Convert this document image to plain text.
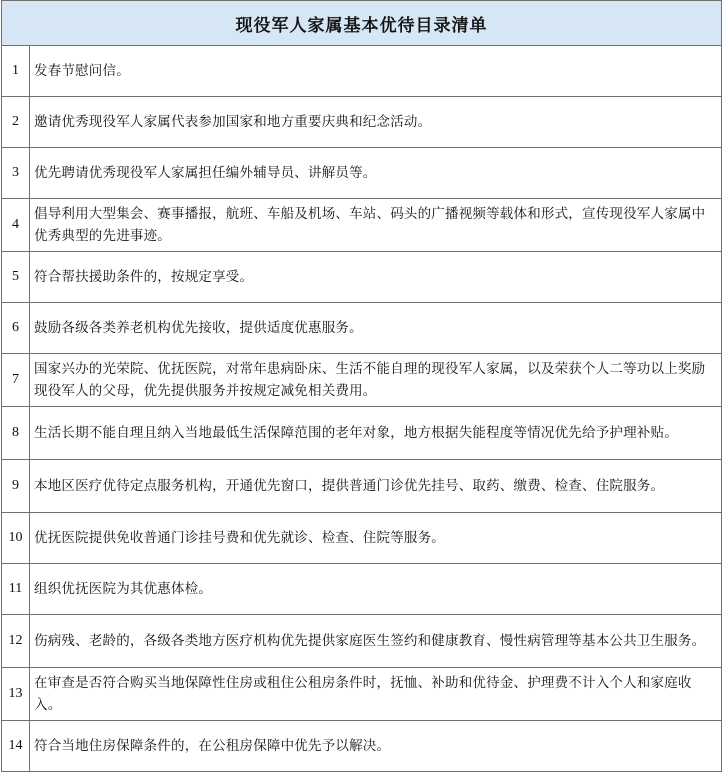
现役军人家属基本优待目录清单	
1	发春节慰问信。
2	邀请优秀现役军人家属代表参加国家和地方重要庆典和纪念活动。
3	优先聘请优秀现役军人家属担任编外辅导员、讲解员等。
4	倡导利用大型集会、赛事播报，航班、车船及机场、车站、码头的广播视频等载体和形式，宣传现役军人家属中优秀典型的先进事迹。
5	符合帮扶援助条件的，按规定享受。
6	鼓励各级各类养老机构优先接收，提供适度优惠服务。
7	国家兴办的光荣院、优抚医院，对常年患病卧床、生活不能自理的现役军人家属，以及荣获个人二等功以上奖励现役军人的父母，优先提供服务并按规定减免相关费用。
8	生活长期不能自理且纳入当地最低生活保障范围的老年对象，地方根据失能程度等情况优先给予护理补贴。
9	本地区医疗优待定点服务机构，开通优先窗口，提供普通门诊优先挂号、取药、缴费、检查、住院服务。
10	优抚医院提供免收普通门诊挂号费和优先就诊、检查、住院等服务。
11	组织优抚医院为其优惠体检。
12	伤病残、老龄的，各级各类地方医疗机构优先提供家庭医生签约和健康教育、慢性病管理等基本公共卫生服务。
13	在审查是否符合购买当地保障性住房或租住公租房条件时，抚恤、补助和优待金、护理费不计入个人和家庭收入。
14	符合当地住房保障条件的，在公租房保障中优先予以解决。
